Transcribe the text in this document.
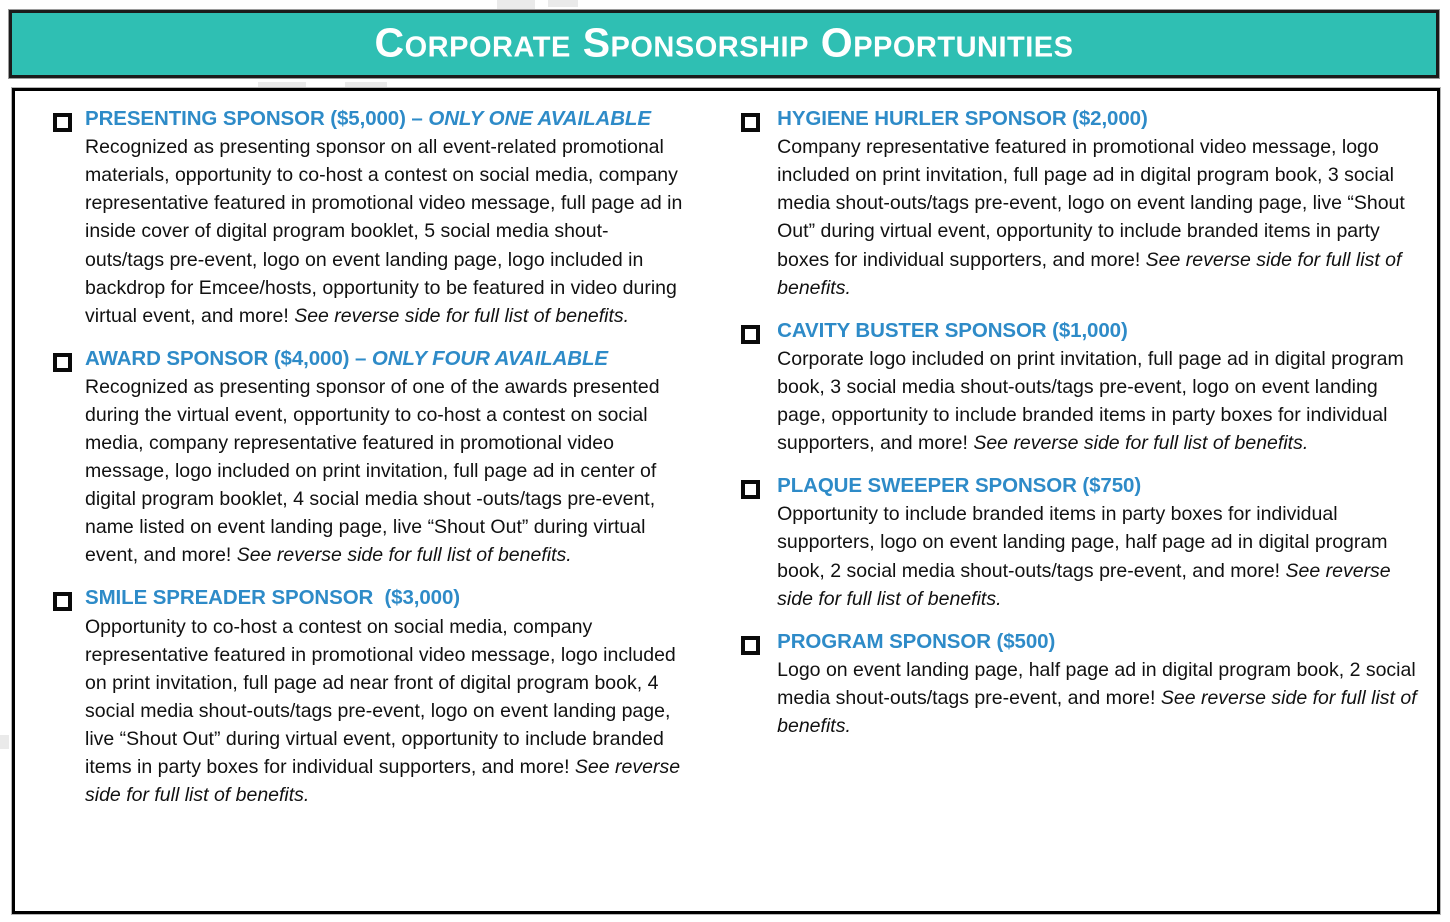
Corporate Sponsorship Opportunities
PRESENTING SPONSOR ($5,000) – ONLY ONE AVAILABLE

Recognized as presenting sponsor on all event-related promotional materials, opportunity to co-host a contest on social media, company representative featured in promotional video message, full page ad in inside cover of digital program booklet, 5 social media shout-outs/tags pre-event, logo on event landing page, logo included in backdrop for Emcee/hosts, opportunity to be featured in video during virtual event, and more! See reverse side for full list of benefits.

AWARD SPONSOR ($4,000) – ONLY FOUR AVAILABLE

Recognized as presenting sponsor of one of the awards presented during the virtual event, opportunity to co-host a contest on social media, company representative featured in promotional video message, logo included on print invitation, full page ad in center of digital program booklet, 4 social media shout -outs/tags pre-event, name listed on event landing page, live “Shout Out” during virtual event, and more! See reverse side for full list of benefits.

SMILE SPREADER SPONSOR  ($3,000)

Opportunity to co-host a contest on social media, company representative featured in promotional video message, logo included on print invitation, full page ad near front of digital program book, 4 social media shout-outs/tags pre-event, logo on event landing page, live “Shout Out” during virtual event, opportunity to include branded items in party boxes for individual supporters, and more! See reverse side for full list of benefits.

HYGIENE HURLER SPONSOR ($2,000)

Company representative featured in promotional video message, logo included on print invitation, full page ad in digital program book, 3 social media shout-outs/tags pre-event, logo on event landing page, live “Shout Out” during virtual event, opportunity to include branded items in party boxes for individual supporters, and more! See reverse side for full list of benefits.

CAVITY BUSTER SPONSOR ($1,000)

Corporate logo included on print invitation, full page ad in digital program book, 3 social media shout-outs/tags pre-event, logo on event landing page, opportunity to include branded items in party boxes for individual supporters, and more! See reverse side for full list of benefits.

PLAQUE SWEEPER SPONSOR ($750)

Opportunity to include branded items in party boxes for individual supporters, logo on event landing page, half page ad in digital program book, 2 social media shout-outs/tags pre-event, and more! See reverse side for full list of benefits.

PROGRAM SPONSOR ($500)

Logo on event landing page, half page ad in digital program book, 2 social media shout-outs/tags pre-event, and more! See reverse side for full list of benefits.
